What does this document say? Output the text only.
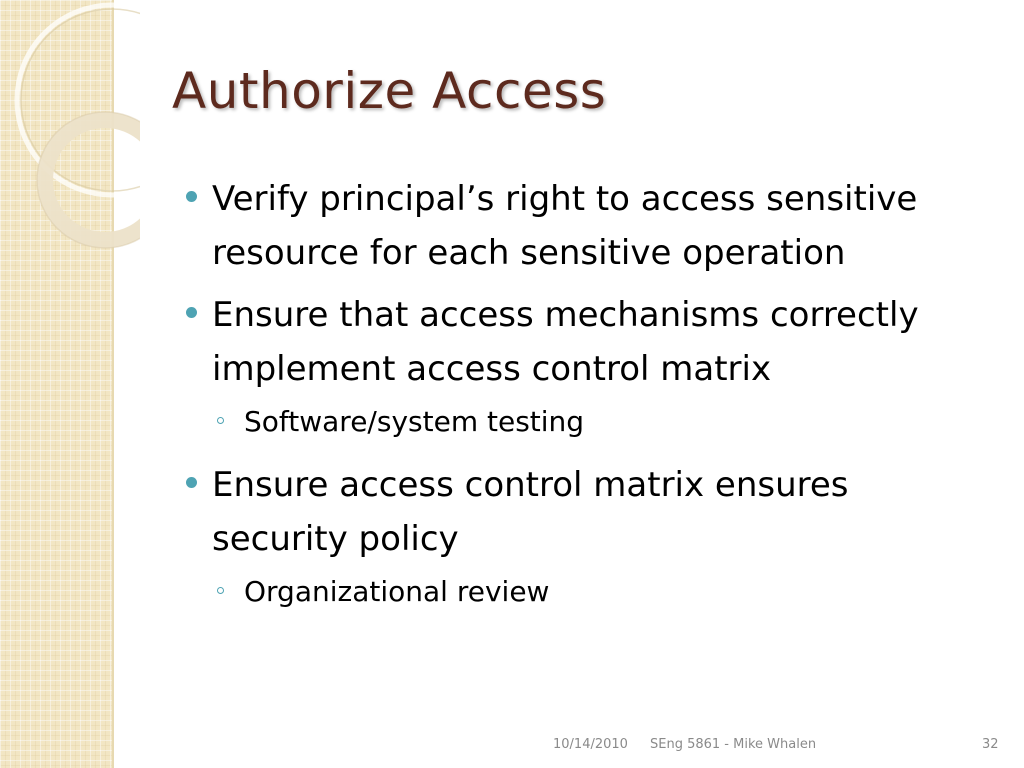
Authorize Access
Verify principal’s right to access sensitive resource for each sensitive operation
Ensure that access mechanisms correctly implement access control matrix
Software/system testing
Ensure access control matrix ensures security policy
Organizational review
10/14/2010 SEng 5861 - Mike Whalen	32
